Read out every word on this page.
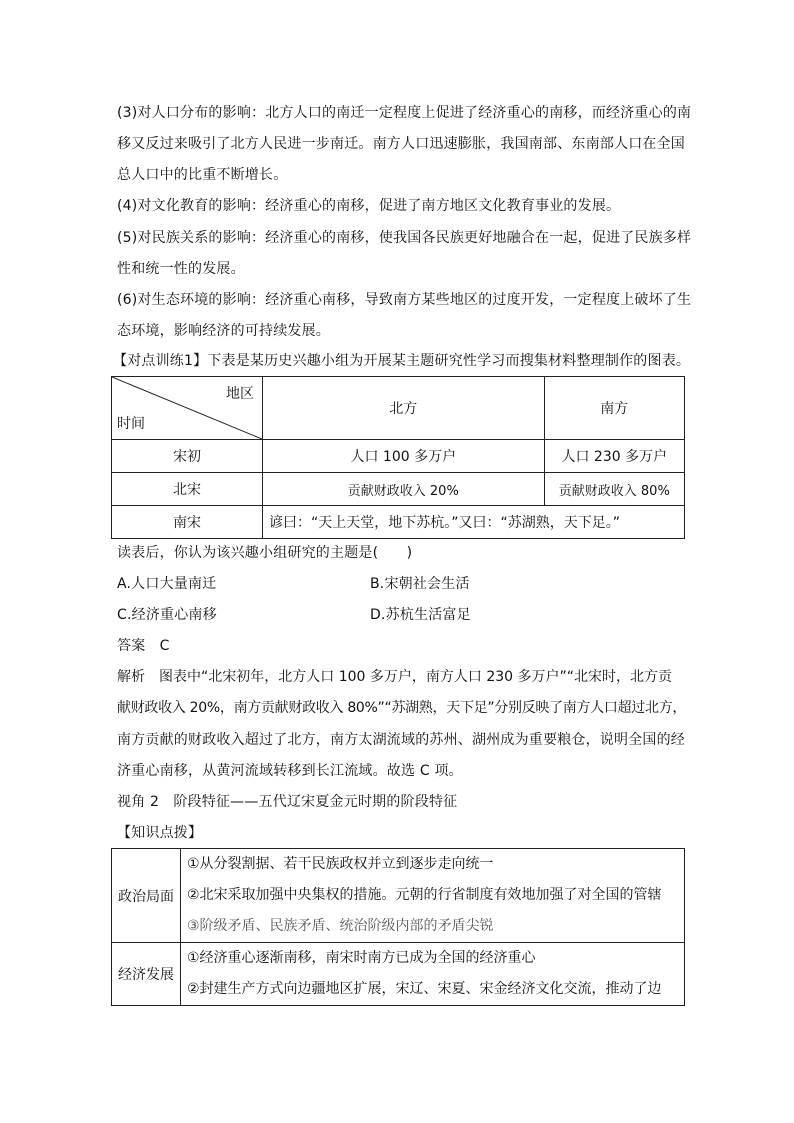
(3)对人口分布的影响：北方人口的南迁一定程度上促进了经济重心的南移，而经济重心的南
移又反过来吸引了北方人民进一步南迁。南方人口迅速膨胀，我国南部、东南部人口在全国
总人口中的比重不断增长。
(4)对文化教育的影响：经济重心的南移，促进了南方地区文化教育事业的发展。
(5)对民族关系的影响：经济重心的南移，使我国各民族更好地融合在一起，促进了民族多样
性和统一性的发展。
(6)对生态环境的影响：经济重心南移，导致南方某些地区的过度开发，一定程度上破坏了生
态环境，影响经济的可持续发展。
【对点训练1】下表是某历史兴趣小组为开展某主题研究性学习而搜集材料整理制作的图表。
地区
时间	北方	南方
宋初	人口 100 多万户	人口 230 多万户
北宋	贡献财政收入 20%	贡献财政收入 80%
南宋	谚曰：“天上天堂，地下苏杭。”又曰：“苏湖熟，天下足。”	
读表后，你认为该兴趣小组研究的主题是(　　)
A.人口大量南迁	B.宋朝社会生活
C.经济重心南移	D.苏杭生活富足
答案　C
解析　图表中“北宋初年，北方人口 100 多万户，南方人口 230 多万户”“北宋时，北方贡
献财政收入 20%，南方贡献财政收入 80%”“苏湖熟，天下足”分别反映了南方人口超过北方，
南方贡献的财政收入超过了北方，南方太湖流域的苏州、湖州成为重要粮仓，说明全国的经
济重心南移，从黄河流域转移到长江流域。故选 C 项。
视角 2　阶段特征——五代辽宋夏金元时期的阶段特征
【知识点拨】
政治局面	①从分裂割据、若干民族政权并立到逐步走向统一
②北宋采取加强中央集权的措施。元朝的行省制度有效地加强了对全国的管辖
③阶级矛盾、民族矛盾、统治阶级内部的矛盾尖锐

经济发展	①经济重心逐渐南移，南宋时南方已成为全国的经济重心
②封建生产方式向边疆地区扩展，宋辽、宋夏、宋金经济文化交流，推动了边
